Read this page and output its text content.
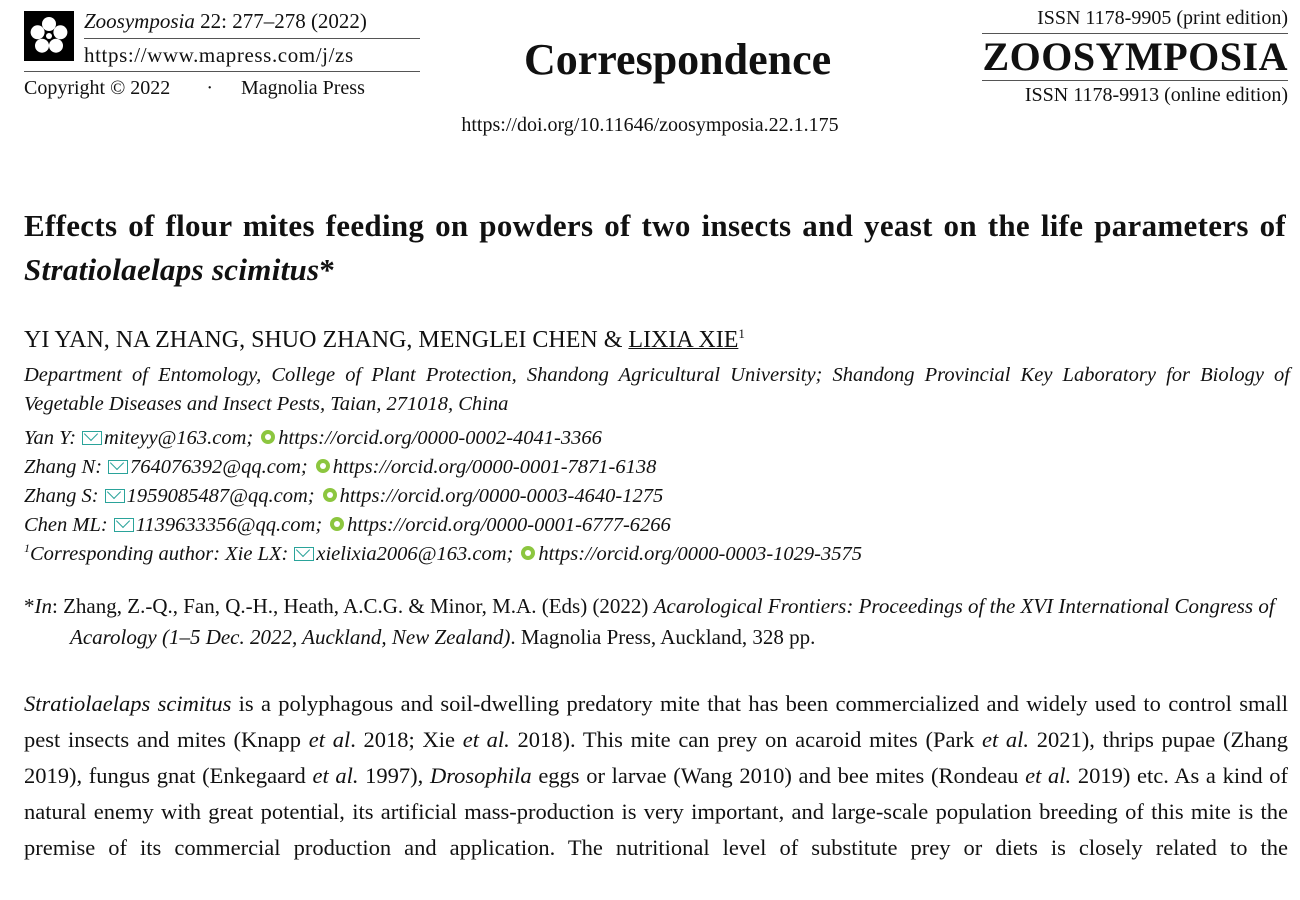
Zoosymposia 22: 277–278 (2022)
https://www.mapress.com/j/zs
Copyright © 2022 · Magnolia Press
Correspondence
ISSN 1178-9905 (print edition)
ZOOSYMPOSIA
ISSN 1178-9913 (online edition)
https://doi.org/10.11646/zoosymposia.22.1.175
Effects of flour mites feeding on powders of two insects and yeast on the life parameters of Stratiolaelaps scimitus*
YI YAN, NA ZHANG, SHUO ZHANG, MENGLEI CHEN & LIXIA XIE$^1$
Department of Entomology, College of Plant Protection, Shandong Agricultural University; Shandong Provincial Key Laboratory for Biology of Vegetable Diseases and Insect Pests, Taian, 271018, China
Yan Y: miteyy@163.com; https://orcid.org/0000-0002-4041-3366
Zhang N: 764076392@qq.com; https://orcid.org/0000-0001-7871-6138
Zhang S: 1959085487@qq.com; https://orcid.org/0000-0003-4640-1275
Chen ML: 1139633356@qq.com; https://orcid.org/0000-0001-6777-6266
$^1$Corresponding author: Xie LX: xielixia2006@163.com; https://orcid.org/0000-0003-1029-3575
*In: Zhang, Z.-Q., Fan, Q.-H., Heath, A.C.G. & Minor, M.A. (Eds) (2022) Acarological Frontiers: Proceedings of the XVI International Congress of Acarology (1–5 Dec. 2022, Auckland, New Zealand). Magnolia Press, Auckland, 328 pp.
Stratiolaelaps scimitus is a polyphagous and soil-dwelling predatory mite that has been commercialized and widely used to control small pest insects and mites (Knapp et al. 2018; Xie et al. 2018). This mite can prey on acaroid mites (Park et al. 2021), thrips pupae (Zhang 2019), fungus gnat (Enkegaard et al. 1997), Drosophila eggs or larvae (Wang 2010) and bee mites (Rondeau et al. 2019) etc. As a kind of natural enemy with great potential, its artificial mass-production is very important, and large-scale population breeding of this mite is the premise of its commercial production and application. The nutritional level of substitute prey or diets is closely related to the
